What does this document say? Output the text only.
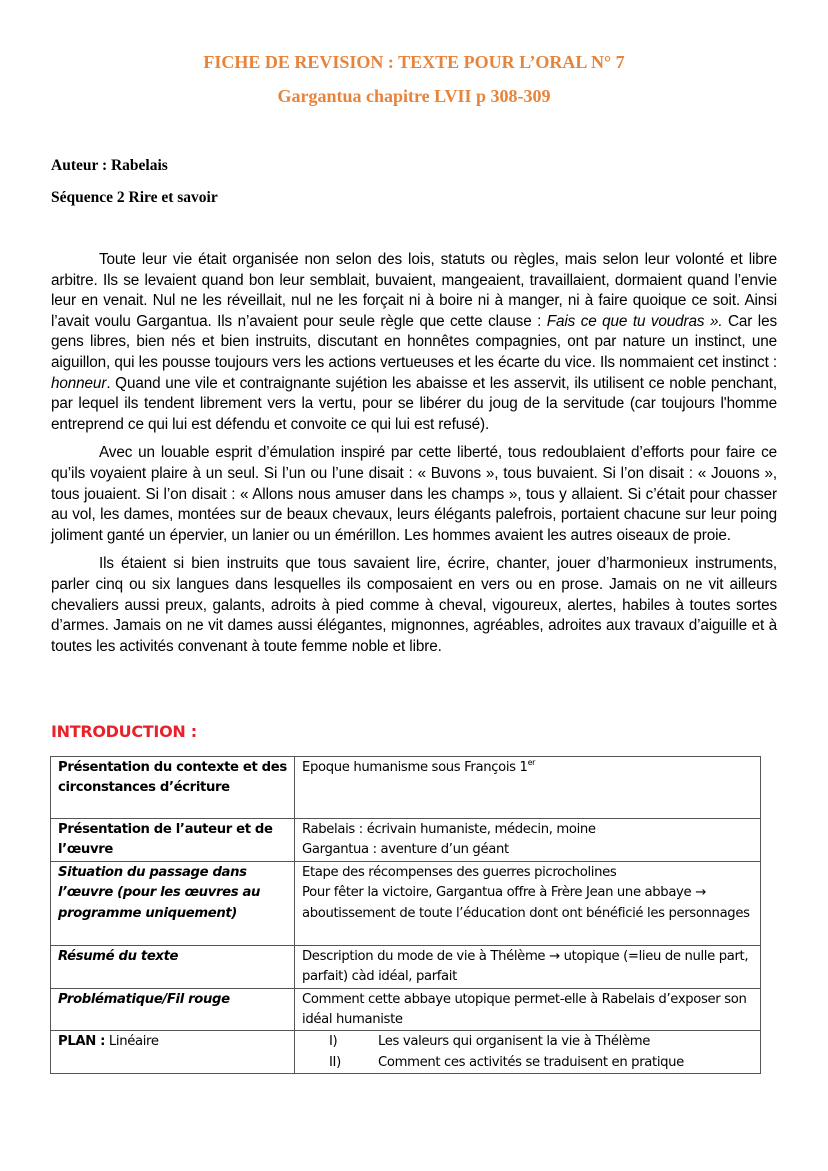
FICHE DE REVISION : TEXTE POUR L’ORAL N° 7
Gargantua chapitre LVII p 308-309

Auteur : Rabelais

Séquence 2 Rire et savoir

Toute leur vie était organisée non selon des lois, statuts ou règles, mais selon leur volonté et libre arbitre. Ils se levaient quand bon leur semblait, buvaient, mangeaient, travaillaient, dormaient quand l’envie leur en venait. Nul ne les réveillait, nul ne les forçait ni à boire ni à manger, ni à faire quoique ce soit. Ainsi l’avait voulu Gargantua. Ils n’avaient pour seule règle que cette clause : Fais ce que tu voudras ». Car les gens libres, bien nés et bien instruits, discutant en honnêtes compagnies, ont par nature un instinct, une aiguillon, qui les pousse toujours vers les actions vertueuses et les écarte du vice. Ils nommaient cet instinct : honneur. Quand une vile et contraignante sujétion les abaisse et les asservit, ils utilisent ce noble penchant, par lequel ils tendent librement vers la vertu, pour se libérer du joug de la servitude (car toujours l'homme entreprend ce qui lui est défendu et convoite ce qui lui est refusé).

Avec un louable esprit d’émulation inspiré par cette liberté, tous redoublaient d’efforts pour faire ce qu’ils voyaient plaire à un seul. Si l’un ou l’une disait : « Buvons », tous buvaient. Si l’on disait : « Jouons », tous jouaient. Si l’on disait : « Allons nous amuser dans les champs », tous y allaient. Si c’était pour chasser au vol, les dames, montées sur de beaux chevaux, leurs élégants palefrois, portaient chacune sur leur poing joliment ganté un épervier, un lanier ou un émérillon. Les hommes avaient les autres oiseaux de proie.

Ils étaient si bien instruits que tous savaient lire, écrire, chanter, jouer d’harmonieux instruments, parler cinq ou six langues dans lesquelles ils composaient en vers ou en prose. Jamais on ne vit ailleurs chevaliers aussi preux, galants, adroits à pied comme à cheval, vigoureux, alertes, habiles à toutes sortes d’armes. Jamais on ne vit dames aussi élégantes, mignonnes, agréables, adroites aux travaux d’aiguille et à toutes les activités convenant à toute femme noble et libre.

INTRODUCTION :
Présentation du contexte et des circonstances d’écriture	Epoque humanisme sous François 1er
Présentation de l’auteur et de l’œuvre	Rabelais : écrivain humaniste, médecin, moine
Gargantua : aventure d’un géant

Situation du passage dans l’œuvre (pour les œuvres au programme uniquement)	Etape des récompenses des guerres picrocholines
Pour fêter la victoire, Gargantua offre à Frère Jean une abbaye → aboutissement de toute l’éducation dont ont bénéficié les personnages

Résumé du texte	Description du mode de vie à Thélème → utopique (=lieu de nulle part, parfait) càd idéal, parfait
Problématique/Fil rouge	Comment cette abbaye utopique permet-elle à Rabelais d’exposer son idéal humaniste
PLAN : Linéaire	I) Les valeurs qui organisent la vie à Thélème
II) Comment ces activités se traduisent en pratique
